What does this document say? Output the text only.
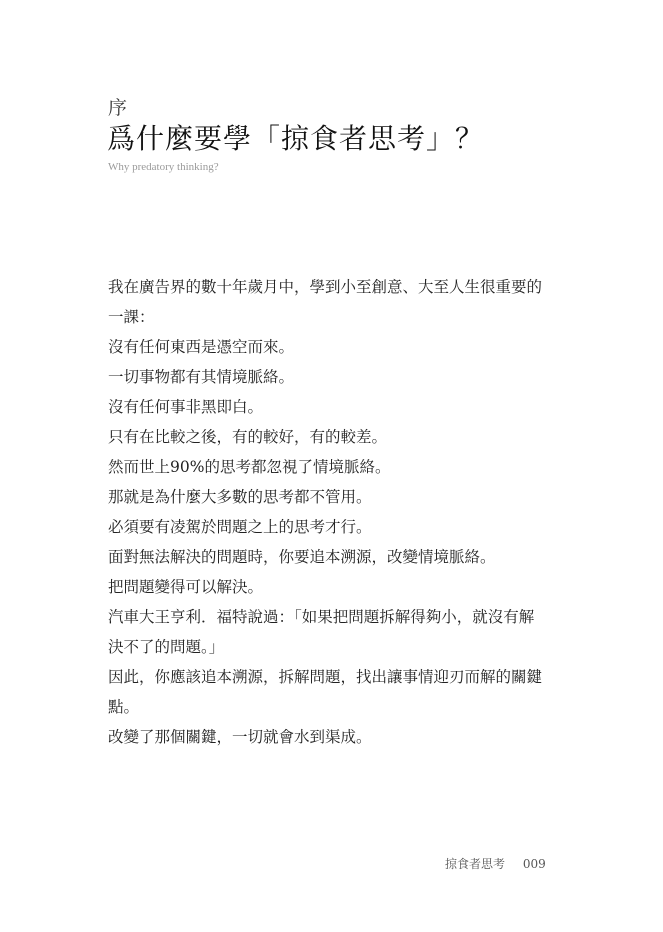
序
爲什麼要學「掠食者思考」？
Why predatory thinking?

我在廣告界的數十年歲月中，學到小至創意、大至人生很重要的

一課：

沒有任何東西是憑空而來。

一切事物都有其情境脈絡。

沒有任何事非黑即白。

只有在比較之後，有的較好，有的較差。

然而世上90%的思考都忽視了情境脈絡。

那就是為什麼大多數的思考都不管用。

必須要有凌駕於問題之上的思考才行。

面對無法解決的問題時，你要追本溯源，改變情境脈絡。

把問題變得可以解決。

汽車大王亨利．福特說過：「如果把問題拆解得夠小，就沒有解

決不了的問題。」

因此，你應該追本溯源，拆解問題，找出讓事情迎刃而解的關鍵

點。

改變了那個關鍵，一切就會水到渠成。

掠食者思考 009
